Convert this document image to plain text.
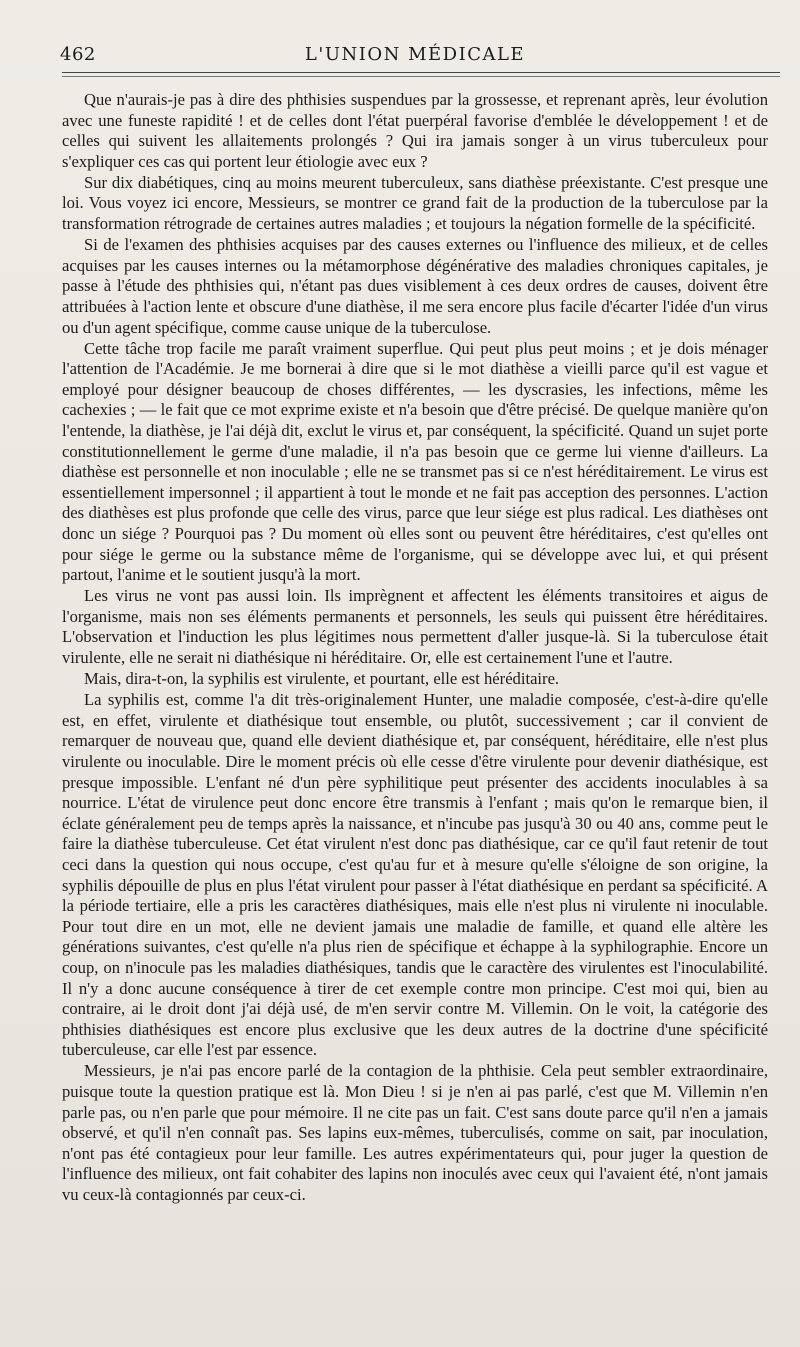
462	L'UNION MÉDICALE

Que n'aurais-je pas à dire des phthisies suspendues par la grossesse, et reprenant après, leur évolution avec une funeste rapidité ! et de celles dont l'état puerpéral favorise d'emblée le développement ! et de celles qui suivent les allaitements prolongés ? Qui ira jamais songer à un virus tuberculeux pour s'expliquer ces cas qui portent leur étiologie avec eux ?

Sur dix diabétiques, cinq au moins meurent tuberculeux, sans diathèse préexistante. C'est presque une loi. Vous voyez ici encore, Messieurs, se montrer ce grand fait de la production de la tuberculose par la transformation rétrograde de certaines autres maladies ; et toujours la négation formelle de la spécificité.

Si de l'examen des phthisies acquises par des causes externes ou l'influence des milieux, et de celles acquises par les causes internes ou la métamorphose dégénérative des maladies chroniques capitales, je passe à l'étude des phthisies qui, n'étant pas dues visiblement à ces deux ordres de causes, doivent être attribuées à l'action lente et obscure d'une diathèse, il me sera encore plus facile d'écarter l'idée d'un virus ou d'un agent spécifique, comme cause unique de la tuberculose.

Cette tâche trop facile me paraît vraiment superflue. Qui peut plus peut moins ; et je dois ménager l'attention de l'Académie. Je me bornerai à dire que si le mot diathèse a vieilli parce qu'il est vague et employé pour désigner beaucoup de choses différentes, — les dyscrasies, les infections, même les cachexies ; — le fait que ce mot exprime existe et n'a besoin que d'être précisé. De quelque manière qu'on l'entende, la diathèse, je l'ai déjà dit, exclut le virus et, par conséquent, la spécificité. Quand un sujet porte constitutionnellement le germe d'une maladie, il n'a pas besoin que ce germe lui vienne d'ailleurs. La diathèse est personnelle et non inoculable ; elle ne se transmet pas si ce n'est héréditairement. Le virus est essentiellement impersonnel ; il appartient à tout le monde et ne fait pas acception des personnes. L'action des diathèses est plus profonde que celle des virus, parce que leur siége est plus radical. Les diathèses ont donc un siége ? Pourquoi pas ? Du moment où elles sont ou peuvent être héréditaires, c'est qu'elles ont pour siége le germe ou la substance même de l'organisme, qui se développe avec lui, et qui présent partout, l'anime et le soutient jusqu'à la mort.

Les virus ne vont pas aussi loin. Ils imprègnent et affectent les éléments transitoires et aigus de l'organisme, mais non ses éléments permanents et personnels, les seuls qui puissent être héréditaires. L'observation et l'induction les plus légitimes nous permettent d'aller jusque-là. Si la tuberculose était virulente, elle ne serait ni diathésique ni héréditaire. Or, elle est certainement l'une et l'autre.

Mais, dira-t-on, la syphilis est virulente, et pourtant, elle est héréditaire.

La syphilis est, comme l'a dit très-originalement Hunter, une maladie composée, c'est-à-dire qu'elle est, en effet, virulente et diathésique tout ensemble, ou plutôt, successivement ; car il convient de remarquer de nouveau que, quand elle devient diathésique et, par conséquent, héréditaire, elle n'est plus virulente ou inoculable. Dire le moment précis où elle cesse d'être virulente pour devenir diathésique, est presque impossible. L'enfant né d'un père syphilitique peut présenter des accidents inoculables à sa nourrice. L'état de virulence peut donc encore être transmis à l'enfant ; mais qu'on le remarque bien, il éclate généralement peu de temps après la naissance, et n'incube pas jusqu'à 30 ou 40 ans, comme peut le faire la diathèse tuberculeuse. Cet état virulent n'est donc pas diathésique, car ce qu'il faut retenir de tout ceci dans la question qui nous occupe, c'est qu'au fur et à mesure qu'elle s'éloigne de son origine, la syphilis dépouille de plus en plus l'état virulent pour passer à l'état diathésique en perdant sa spécificité. A la période tertiaire, elle a pris les caractères diathésiques, mais elle n'est plus ni virulente ni inoculable. Pour tout dire en un mot, elle ne devient jamais une maladie de famille, et quand elle altère les générations suivantes, c'est qu'elle n'a plus rien de spécifique et échappe à la syphilographie. Encore un coup, on n'inocule pas les maladies diathésiques, tandis que le caractère des virulentes est l'inoculabilité. Il n'y a donc aucune conséquence à tirer de cet exemple contre mon principe. C'est moi qui, bien au contraire, ai le droit dont j'ai déjà usé, de m'en servir contre M. Villemin. On le voit, la catégorie des phthisies diathésiques est encore plus exclusive que les deux autres de la doctrine d'une spécificité tuberculeuse, car elle l'est par essence.

Messieurs, je n'ai pas encore parlé de la contagion de la phthisie. Cela peut sembler extraordinaire, puisque toute la question pratique est là. Mon Dieu ! si je n'en ai pas parlé, c'est que M. Villemin n'en parle pas, ou n'en parle que pour mémoire. Il ne cite pas un fait. C'est sans doute parce qu'il n'en a jamais observé, et qu'il n'en connaît pas. Ses lapins eux-mêmes, tuberculisés, comme on sait, par inoculation, n'ont pas été contagieux pour leur famille. Les autres expérimentateurs qui, pour juger la question de l'influence des milieux, ont fait cohabiter des lapins non inoculés avec ceux qui l'avaient été, n'ont jamais vu ceux-là contagionnés par ceux-ci.
